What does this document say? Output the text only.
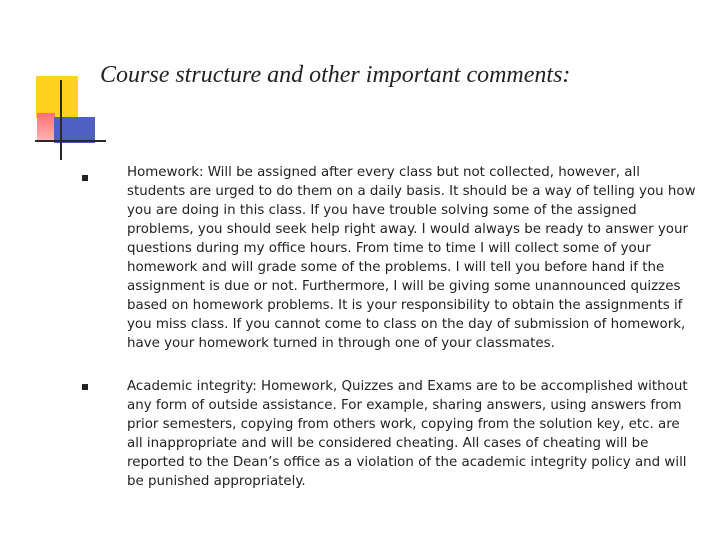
Course structure and other important comments:

Homework: Will be assigned after every class but not collected, however, all students are urged to do them on a daily basis. It should be a way of telling you how you are doing in this class. If you have trouble solving some of the assigned problems, you should seek help right away. I would always be ready to answer your questions during my office hours. From time to time I will collect some of your homework and will grade some of the problems. I will tell you before hand if the assignment is due or not. Furthermore, I will be giving some unannounced quizzes based on homework problems. It is your responsibility to obtain the assignments if you miss class. If you cannot come to class on the day of submission of homework, have your homework turned in through one of your classmates.

Academic integrity: Homework, Quizzes and Exams are to be accomplished without any form of outside assistance. For example, sharing answers, using answers from prior semesters, copying from others work, copying from the solution key, etc. are all inappropriate and will be considered cheating. All cases of cheating will be reported to the Dean’s office as a violation of the academic integrity policy and will be punished appropriately.
